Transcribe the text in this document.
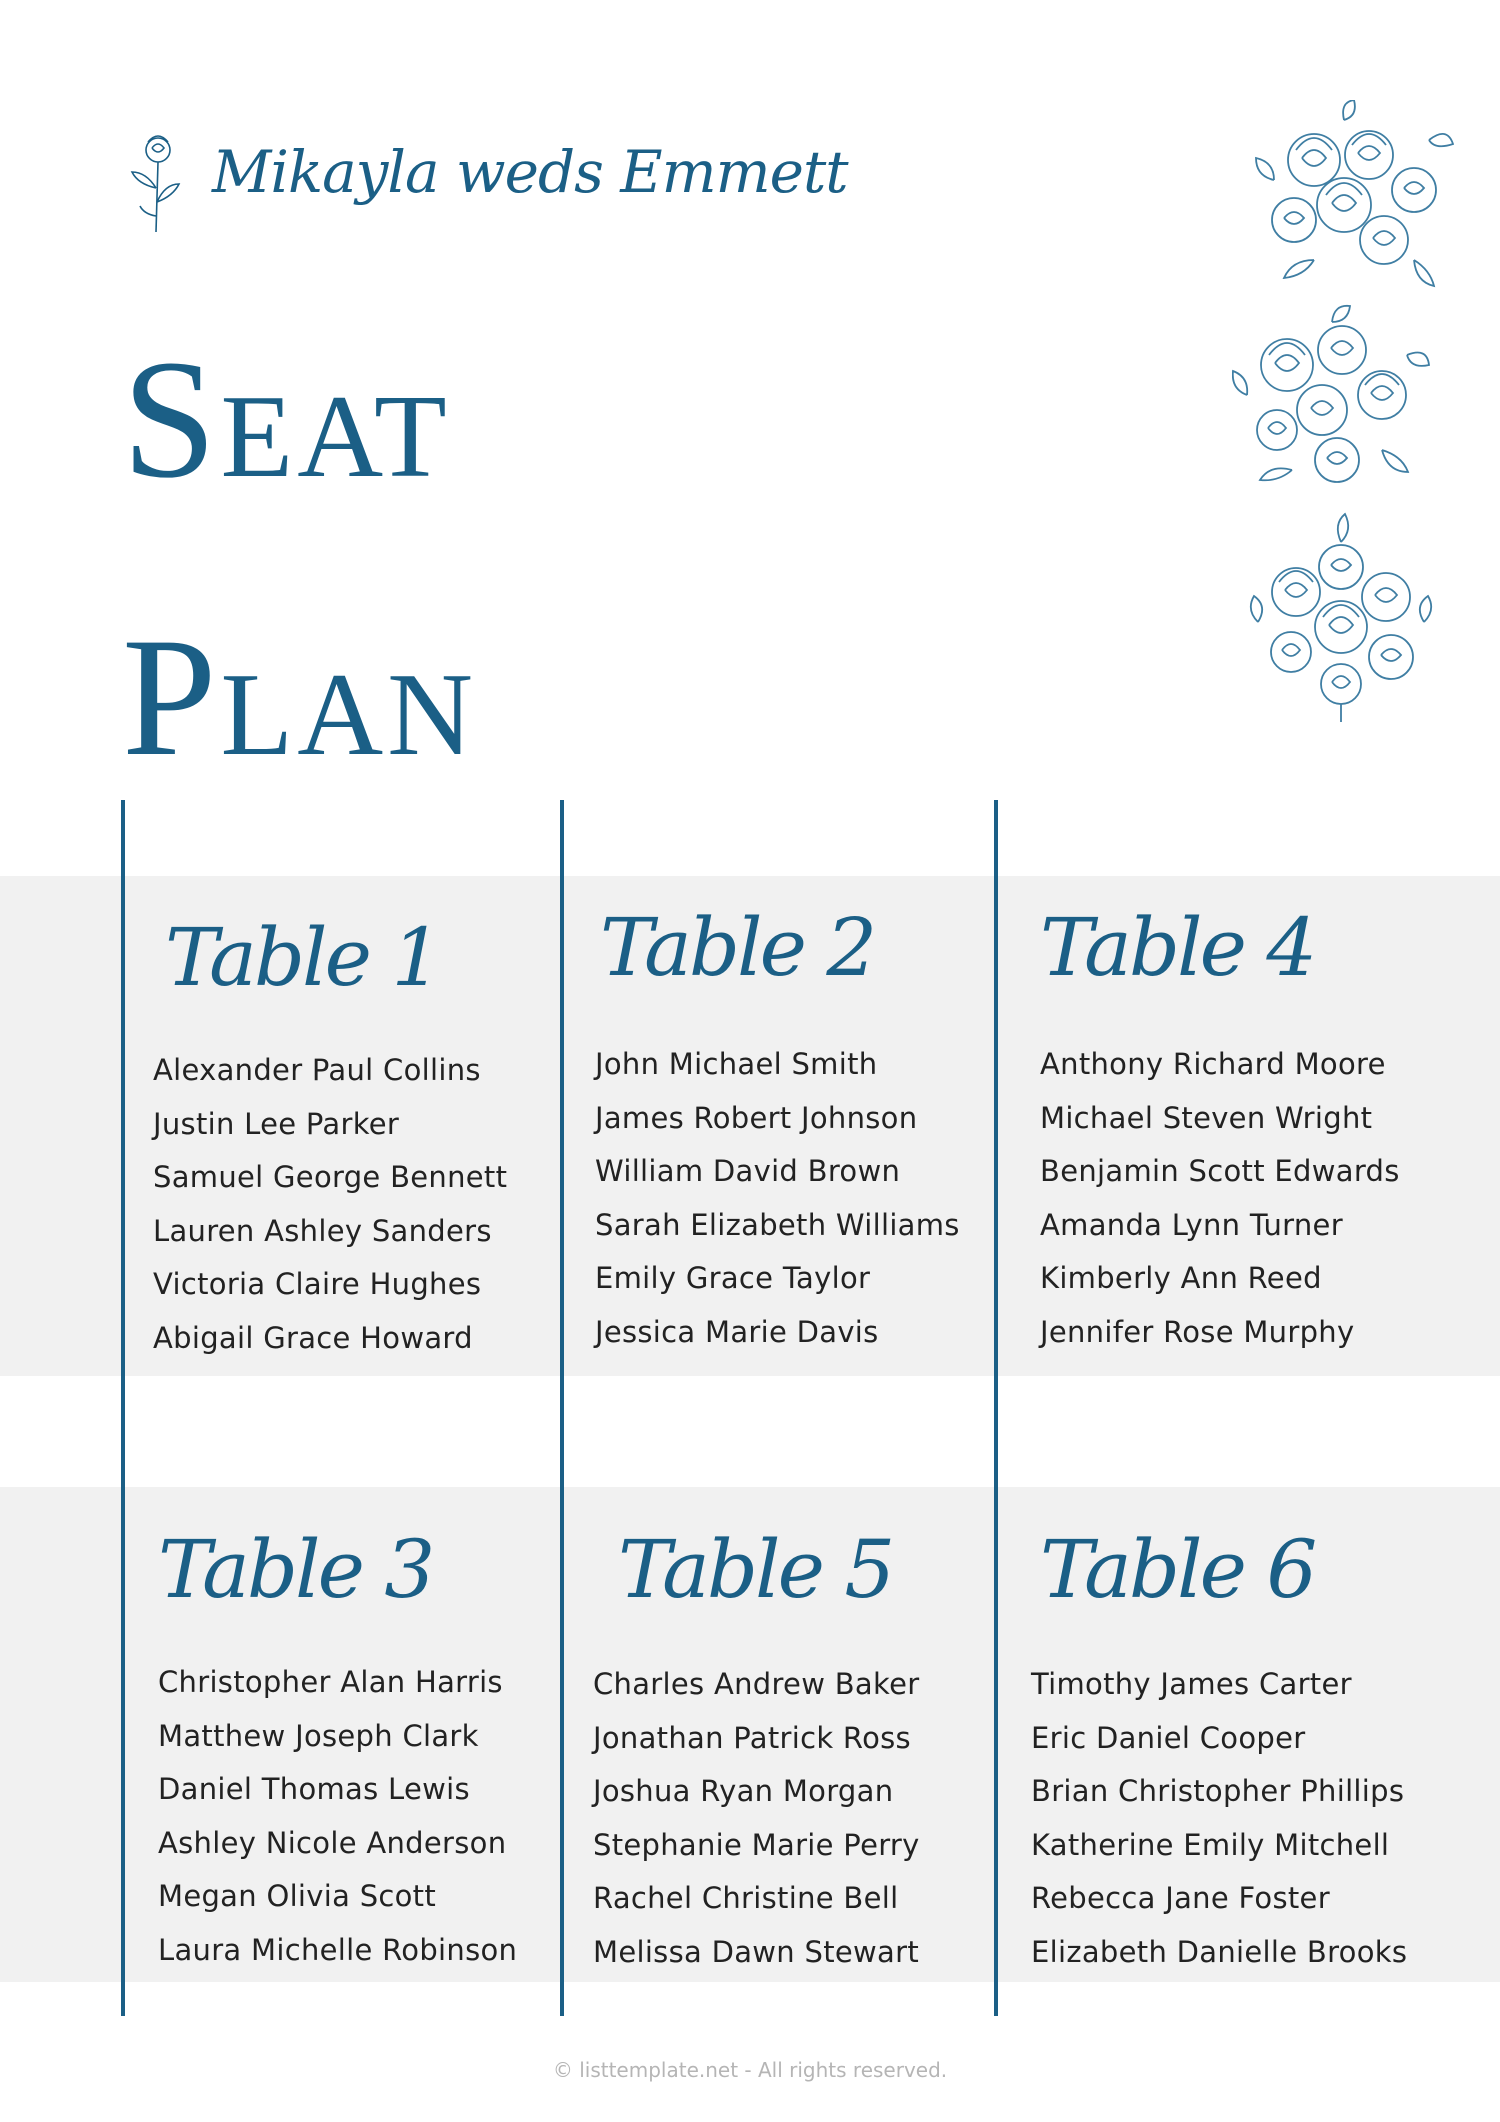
Mikayla weds Emmett
Seat
Plan
Table 1
Alexander Paul Collins
Justin Lee Parker
Samuel George Bennett
Lauren Ashley Sanders
Victoria Claire Hughes
Abigail Grace Howard
Table 2
John Michael Smith
James Robert Johnson
William David Brown
Sarah Elizabeth Williams
Emily Grace Taylor
Jessica Marie Davis
Table 4
Anthony Richard Moore
Michael Steven Wright
Benjamin Scott Edwards
Amanda Lynn Turner
Kimberly Ann Reed
Jennifer Rose Murphy
Table 3
Christopher Alan Harris
Matthew Joseph Clark
Daniel Thomas Lewis
Ashley Nicole Anderson
Megan Olivia Scott
Laura Michelle Robinson
Table 5
Charles Andrew Baker
Jonathan Patrick Ross
Joshua Ryan Morgan
Stephanie Marie Perry
Rachel Christine Bell
Melissa Dawn Stewart
Table 6
Timothy James Carter
Eric Daniel Cooper
Brian Christopher Phillips
Katherine Emily Mitchell
Rebecca Jane Foster
Elizabeth Danielle Brooks
© listtemplate.net - All rights reserved.
